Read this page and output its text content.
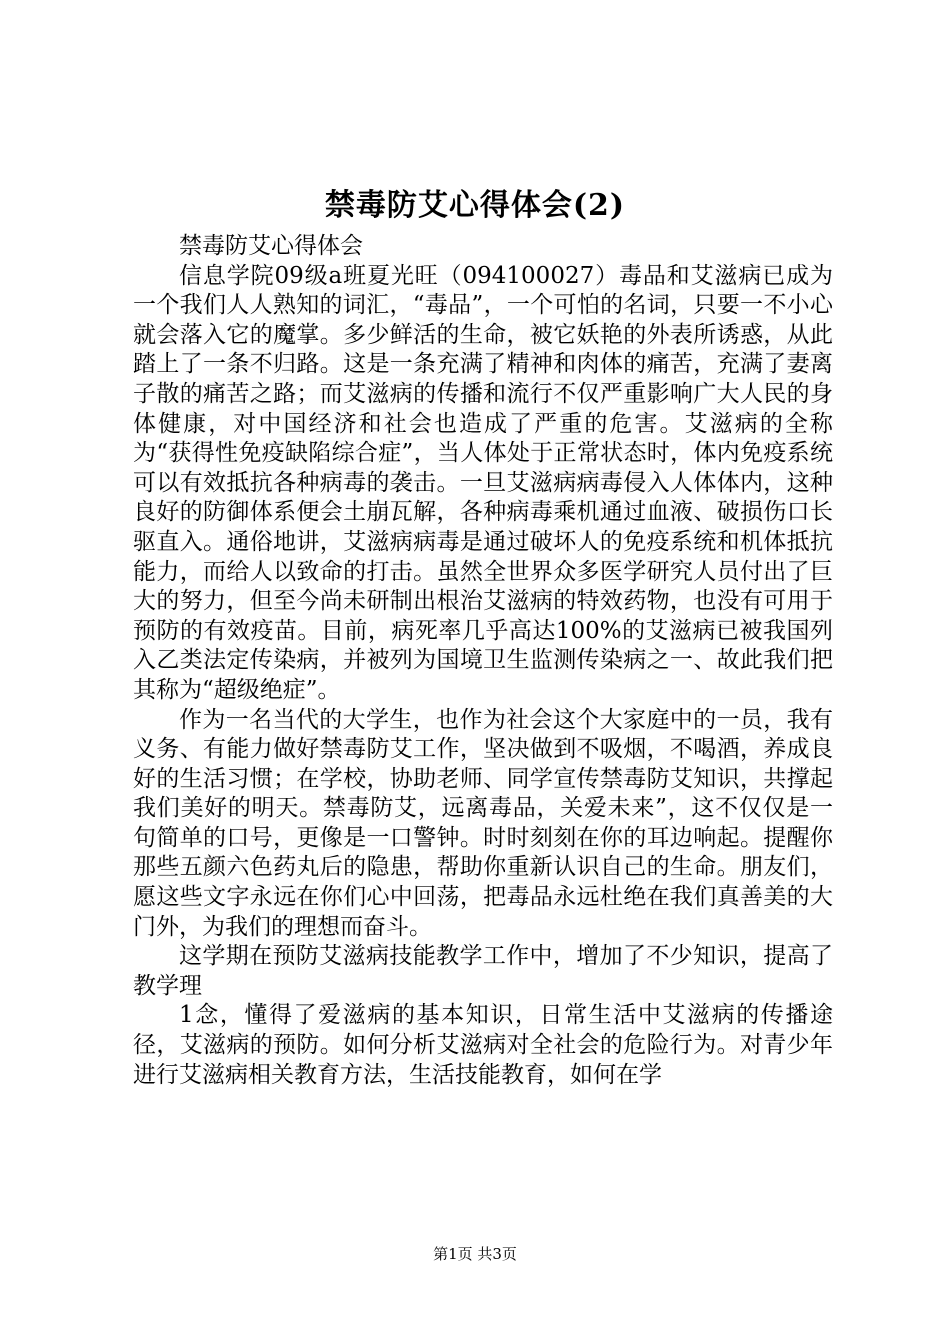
禁毒防艾心得体会(2)

禁毒防艾心得体会

信息学院09级a班夏光旺（094100027）毒品和艾滋病已成为一个我们人人熟知的词汇，“毒品”，一个可怕的名词，只要一不小心就会落入它的魔掌。多少鲜活的生命，被它妖艳的外表所诱惑，从此踏上了一条不归路。这是一条充满了精神和肉体的痛苦，充满了妻离子散的痛苦之路；而艾滋病的传播和流行不仅严重影响广大人民的身体健康，对中国经济和社会也造成了严重的危害。艾滋病的全称为“获得性免疫缺陷综合症”，当人体处于正常状态时，体内免疫系统可以有效抵抗各种病毒的袭击。一旦艾滋病病毒侵入人体体内，这种良好的防御体系便会土崩瓦解，各种病毒乘机通过血液、破损伤口长驱直入。通俗地讲，艾滋病病毒是通过破坏人的免疫系统和机体抵抗能力，而给人以致命的打击。虽然全世界众多医学研究人员付出了巨大的努力，但至今尚未研制出根治艾滋病的特效药物，也没有可用于预防的有效疫苗。目前，病死率几乎高达100%的艾滋病已被我国列入乙类法定传染病，并被列为国境卫生监测传染病之一、故此我们把其称为“超级绝症”。

作为一名当代的大学生，也作为社会这个大家庭中的一员，我有义务、有能力做好禁毒防艾工作，坚决做到不吸烟，不喝酒，养成良好的生活习惯；在学校，协助老师、同学宣传禁毒防艾知识，共撑起我们美好的明天。禁毒防艾，远离毒品，关爱未来”，这不仅仅是一句简单的口号，更像是一口警钟。时时刻刻在你的耳边响起。提醒你那些五颜六色药丸后的隐患，帮助你重新认识自己的生命。朋友们，愿这些文字永远在你们心中回荡，把毒品永远杜绝在我们真善美的大门外，为我们的理想而奋斗。

这学期在预防艾滋病技能教学工作中，增加了不少知识，提高了教学理

1念，懂得了爱滋病的基本知识，日常生活中艾滋病的传播途径，艾滋病的预防。如何分析艾滋病对全社会的危险行为。对青少年进行艾滋病相关教育方法，生活技能教育，如何在学

第1页 共3页
